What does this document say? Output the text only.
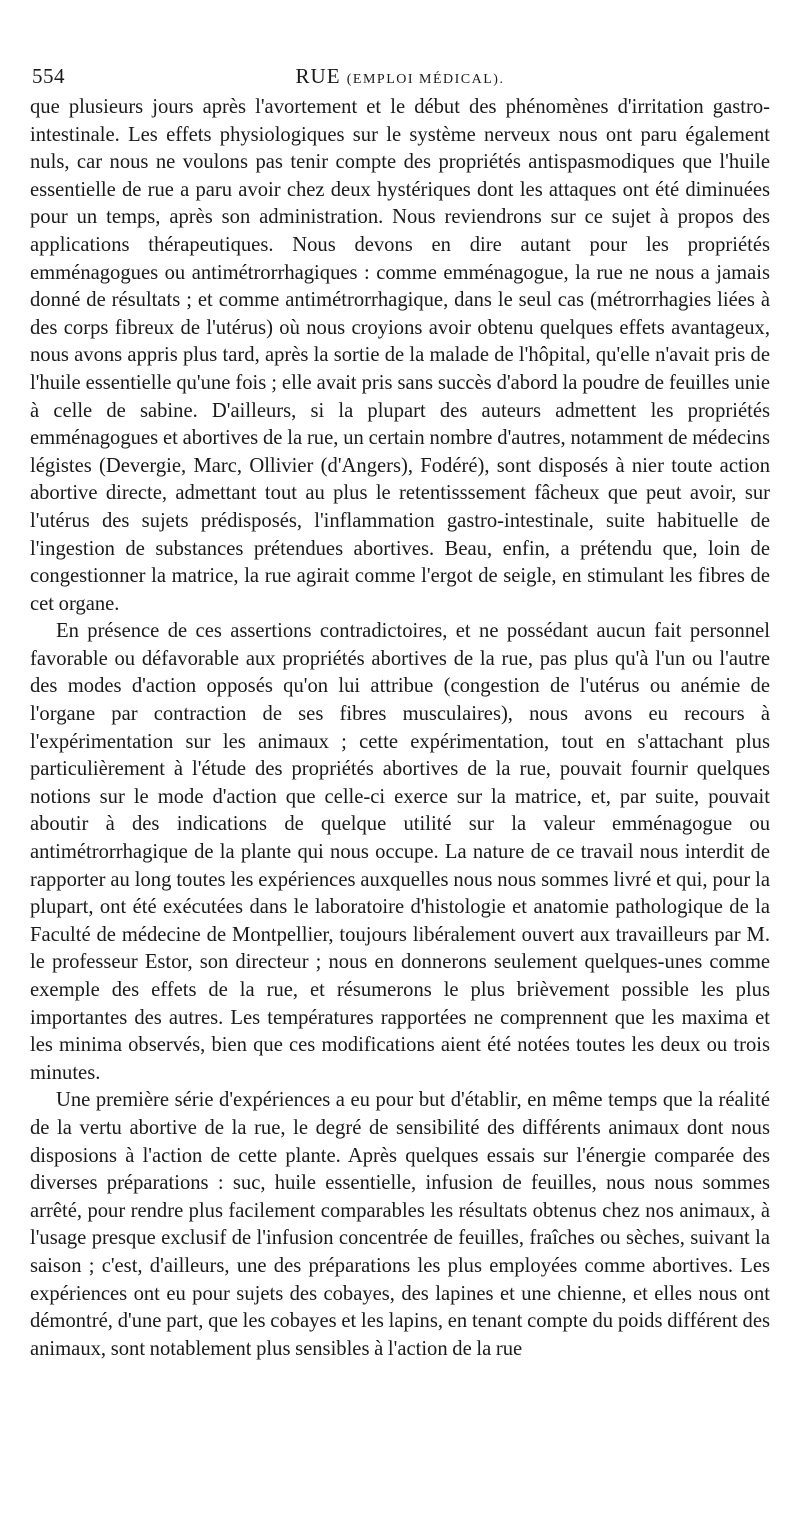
554	RUE (EMPLOI MÉDICAL).

que plusieurs jours après l'avortement et le début des phénomènes d'irritation gastro-intestinale. Les effets physiologiques sur le système nerveux nous ont paru également nuls, car nous ne voulons pas tenir compte des propriétés antispasmodiques que l'huile essentielle de rue a paru avoir chez deux hystériques dont les attaques ont été diminuées pour un temps, après son administration. Nous reviendrons sur ce sujet à propos des applications thérapeutiques. Nous devons en dire autant pour les propriétés emménagogues ou antimétrorrhagiques : comme emménagogue, la rue ne nous a jamais donné de résultats ; et comme antimétrorrhagique, dans le seul cas (métrorrhagies liées à des corps fibreux de l'utérus) où nous croyions avoir obtenu quelques effets avantageux, nous avons appris plus tard, après la sortie de la malade de l'hôpital, qu'elle n'avait pris de l'huile essentielle qu'une fois ; elle avait pris sans succès d'abord la poudre de feuilles unie à celle de sabine. D'ailleurs, si la plupart des auteurs admettent les propriétés emménagogues et abortives de la rue, un certain nombre d'autres, notamment de médecins légistes (Devergie, Marc, Ollivier (d'Angers), Fodéré), sont disposés à nier toute action abortive directe, admettant tout au plus le retentisssement fâcheux que peut avoir, sur l'utérus des sujets prédisposés, l'inflammation gastro-intestinale, suite habituelle de l'ingestion de substances prétendues abortives. Beau, enfin, a prétendu que, loin de congestionner la matrice, la rue agirait comme l'ergot de seigle, en stimulant les fibres de cet organe.

En présence de ces assertions contradictoires, et ne possédant aucun fait personnel favorable ou défavorable aux propriétés abortives de la rue, pas plus qu'à l'un ou l'autre des modes d'action opposés qu'on lui attribue (congestion de l'utérus ou anémie de l'organe par contraction de ses fibres musculaires), nous avons eu recours à l'expérimentation sur les animaux ; cette expérimentation, tout en s'attachant plus particulièrement à l'étude des propriétés abortives de la rue, pouvait fournir quelques notions sur le mode d'action que celle-ci exerce sur la matrice, et, par suite, pouvait aboutir à des indications de quelque utilité sur la valeur emménagogue ou antimétrorrhagique de la plante qui nous occupe. La nature de ce travail nous interdit de rapporter au long toutes les expériences auxquelles nous nous sommes livré et qui, pour la plupart, ont été exécutées dans le laboratoire d'histologie et anatomie pathologique de la Faculté de médecine de Montpellier, toujours libéralement ouvert aux travailleurs par M. le professeur Estor, son directeur ; nous en donnerons seulement quelques-unes comme exemple des effets de la rue, et résumerons le plus brièvement possible les plus importantes des autres. Les températures rapportées ne comprennent que les maxima et les minima observés, bien que ces modifications aient été notées toutes les deux ou trois minutes.

Une première série d'expériences a eu pour but d'établir, en même temps que la réalité de la vertu abortive de la rue, le degré de sensibilité des différents animaux dont nous disposions à l'action de cette plante. Après quelques essais sur l'énergie comparée des diverses préparations : suc, huile essentielle, infusion de feuilles, nous nous sommes arrêté, pour rendre plus facilement comparables les résultats obtenus chez nos animaux, à l'usage presque exclusif de l'infusion concentrée de feuilles, fraîches ou sèches, suivant la saison ; c'est, d'ailleurs, une des préparations les plus employées comme abortives. Les expériences ont eu pour sujets des cobayes, des lapines et une chienne, et elles nous ont démontré, d'une part, que les cobayes et les lapins, en tenant compte du poids différent des animaux, sont notablement plus sensibles à l'action de la rue
